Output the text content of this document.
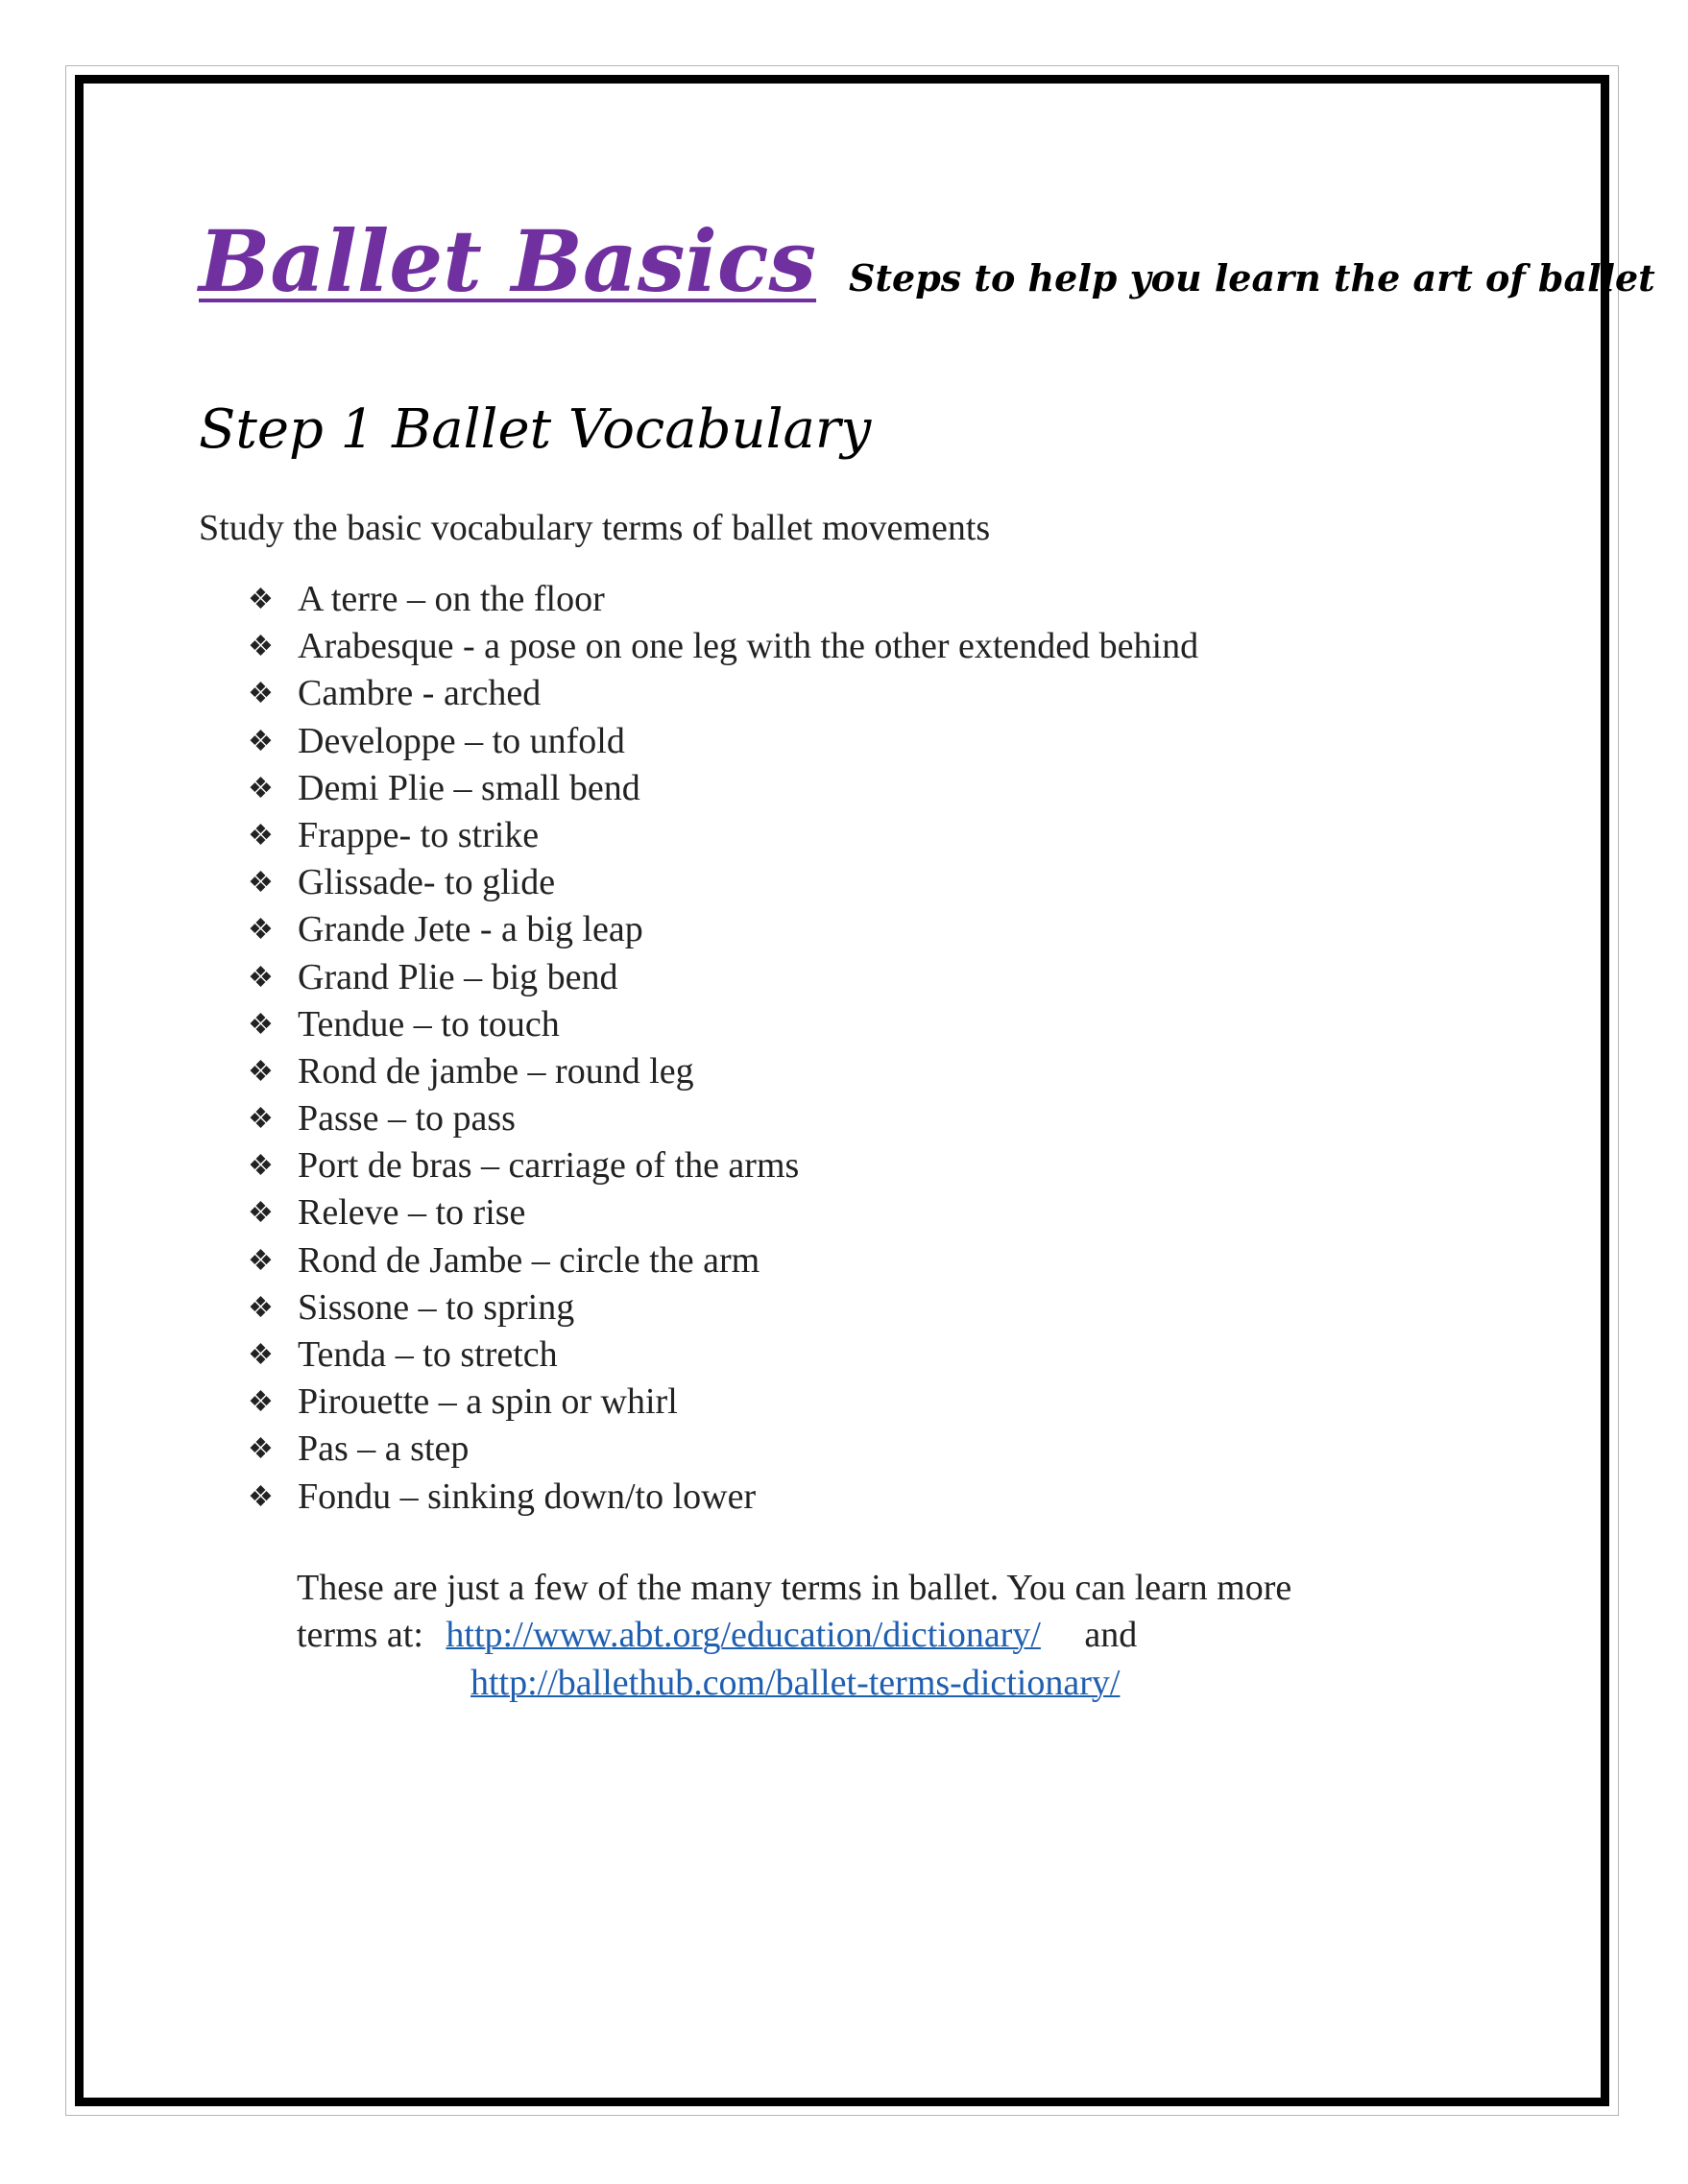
Ballet Basics Steps to help you learn the art of ballet
Step 1 Ballet Vocabulary
Study the basic vocabulary terms of ballet movements
❖ A terre – on the floor
❖ Arabesque - a pose on one leg with the other extended behind
❖ Cambre - arched
❖ Developpe – to unfold
❖ Demi Plie – small bend
❖ Frappe- to strike
❖ Glissade- to glide
❖ Grande Jete - a big leap
❖ Grand Plie – big bend
❖ Tendue – to touch
❖ Rond de jambe – round leg
❖ Passe – to pass
❖ Port de bras – carriage of the arms
❖ Releve – to rise
❖ Rond de Jambe – circle the arm
❖ Sissone – to spring
❖ Tenda – to stretch
❖ Pirouette – a spin or whirl
❖ Pas – a step
❖ Fondu – sinking down/to lower
These are just a few of the many terms in ballet. You can learn more
terms at: http://www.abt.org/education/dictionary/ and
http://ballethub.com/ballet-terms-dictionary/
